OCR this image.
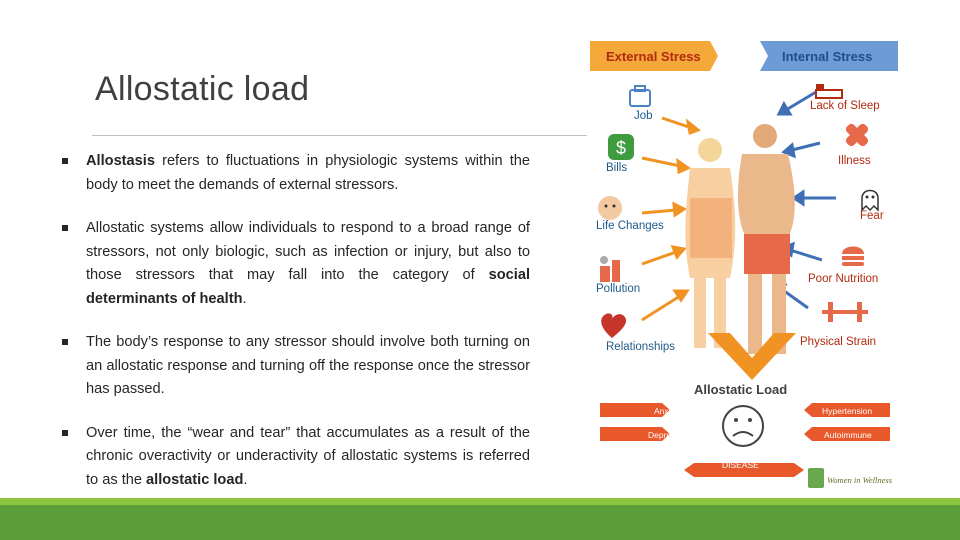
Allostatic load
Allostasis refers to fluctuations in physiologic systems within the body to meet the demands of external stressors.
Allostatic systems allow individuals to respond to a broad range of stressors, not only biologic, such as infection or injury, but also to those stressors that may fall into the category of social determinants of health.
The body’s response to any stressor should involve both turning on an allostatic response and turning off the response once the stressor has passed.
Over time, the “wear and tear” that accumulates as a result of the chronic overactivity or underactivity of allostatic systems is referred to as the allostatic load.
$
External Stress	Internal Stress
Job
Bills
Life Changes
Pollution
Relationships
Lack of Sleep
Illness
Fear
Poor Nutrition
Physical Strain
Allostatic Load
Anxiety
Depression
Hypertension
Autoimmune
DISEASE
Women in Wellness
